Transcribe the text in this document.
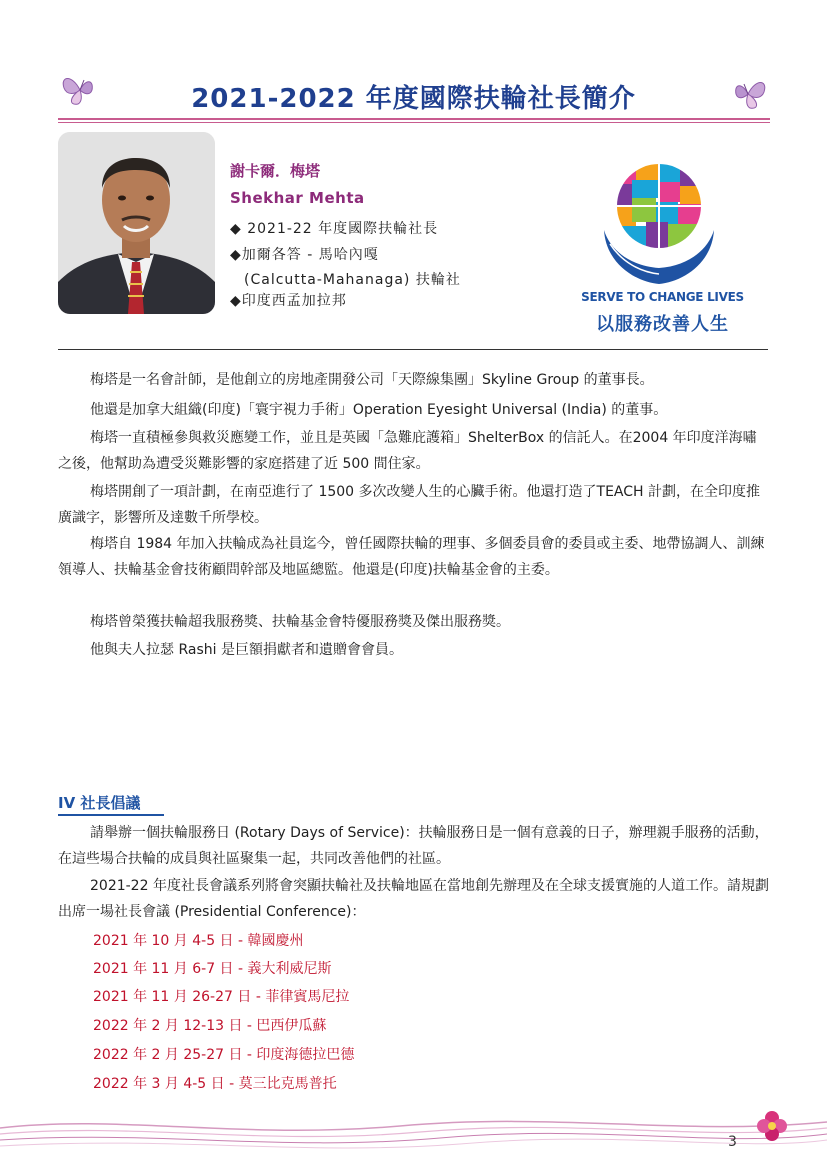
2021-2022 年度國際扶輪社長簡介
謝卡爾．梅塔
Shekhar Mehta
◆ 2021-22 年度國際扶輪社長
◆加爾各答 - 馬哈內嘎
(Calcutta-Mahanaga) 扶輪社
◆印度西孟加拉邦	SERVE TO CHANGE LIVES
以服務改善人生
梅塔是一名會計師，是他創立的房地產開發公司「天際線集團」Skyline Group 的董事長。
他還是加拿大組織(印度)「寰宇視力手術」Operation Eyesight Universal (India) 的董事。
梅塔一直積極參與救災應變工作，並且是英國「急難庇護箱」ShelterBox 的信託人。在2004 年印度洋海嘯之後，他幫助為遭受災難影響的家庭搭建了近 500 間住家。
梅塔開創了一項計劃，在南亞進行了 1500 多次改變人生的心臟手術。他還打造了TEACH 計劃，在全印度推廣識字，影響所及達數千所學校。
梅塔自 1984 年加入扶輪成為社員迄今，曾任國際扶輪的理事、多個委員會的委員或主委、地帶協調人、訓練領導人、扶輪基金會技術顧問幹部及地區總監。他還是(印度)扶輪基金會的主委。
梅塔曾榮獲扶輪超我服務獎、扶輪基金會特優服務獎及傑出服務獎。
他與夫人拉瑟 Rashi 是巨額捐獻者和遺贈會會員。
IV 社長倡議
請舉辦一個扶輪服務日 (Rotary Days of Service)：扶輪服務日是一個有意義的日子，辦理親手服務的活動，在這些場合扶輪的成員與社區聚集一起，共同改善他們的社區。
2021-22 年度社長會議系列將會突顯扶輪社及扶輪地區在當地創先辦理及在全球支援實施的人道工作。請規劃出席一場社長會議 (Presidential Conference)：
2021 年 10 月 4-5 日 - 韓國慶州
2021 年 11 月 6-7 日 - 義大利威尼斯
2021 年 11 月 26-27 日 - 菲律賓馬尼拉
2022 年 2 月 12-13 日 - 巴西伊瓜蘇
2022 年 2 月 25-27 日 - 印度海德拉巴德
2022 年 3 月 4-5 日 - 莫三比克馬普托
3
